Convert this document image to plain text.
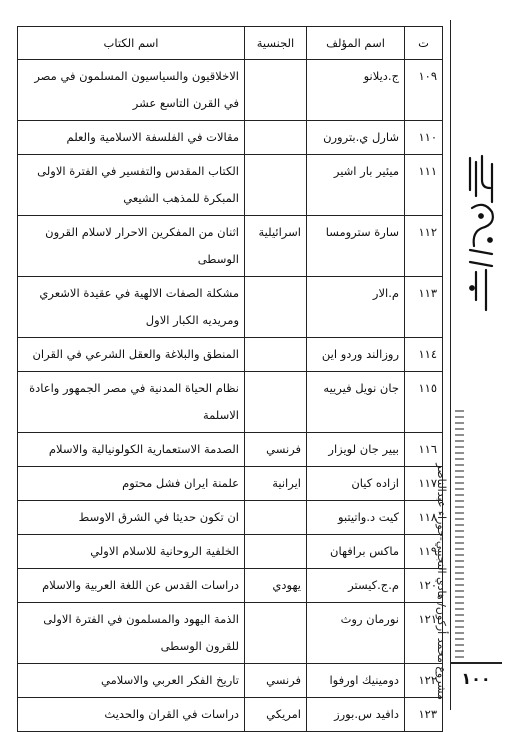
ت	اسم المؤلف	الجنسية	اسم الكتاب
١٠٩	ج.ديلانو		الاخلاقيون والسياسيون المسلمون في مصر في القرن التاسع عشر
١١٠	شارل ي.بترورن		مقالات في الفلسفة الاسلامية والعلم
١١١	ميئير بار اشير		الكتاب المقدس والتفسير في الفترة الاولى المبكرة للمذهب الشيعي
١١٢	سارة سترومسا	اسرائيلية	اثنان من المفكرين الاحرار لاسلام القرون الوسطى
١١٣	م.الار		مشكلة الصفات الالهية في عقيدة الاشعري ومريديه الكبار الاول
١١٤	روزالند وردو اين		المنطق والبلاغة والعقل الشرعي في القران
١١٥	جان نويل فيرييه		نظام الحياة المدنية في مصر الجمهور واعادة الاسلمة
١١٦	بيير جان لويزار	فرنسي	الصدمة الاستعمارية الكولونيالية والاسلام
١١٧	ازاده كيان	ايرانية	علمنة ايران فشل محتوم
١١٨	كيت د.واتيتبو		ان تكون حديثا في الشرق الاوسط
١١٩	ماكس برافهان		الخلفية الروحانية للاسلام الاولي
١٢٠	م.ج.كيستر	يهودي	دراسات القدس عن اللغة العربية والاسلام
١٢١	نورمان روث		الذمة اليهود والمسلمون في الفترة الاولى للقرون الوسطى
١٢٢	دومينيك اورفوا	فرنسي	تاريخ الفكر العربي والاسلامي
١٢٣	دافيد س.بورز	امريكي	دراسات في القران والحديث
مجلة العميد
مشروع محمد أركون/ هادي النجيبي-حوراء عبدالناصر ١٠٠
